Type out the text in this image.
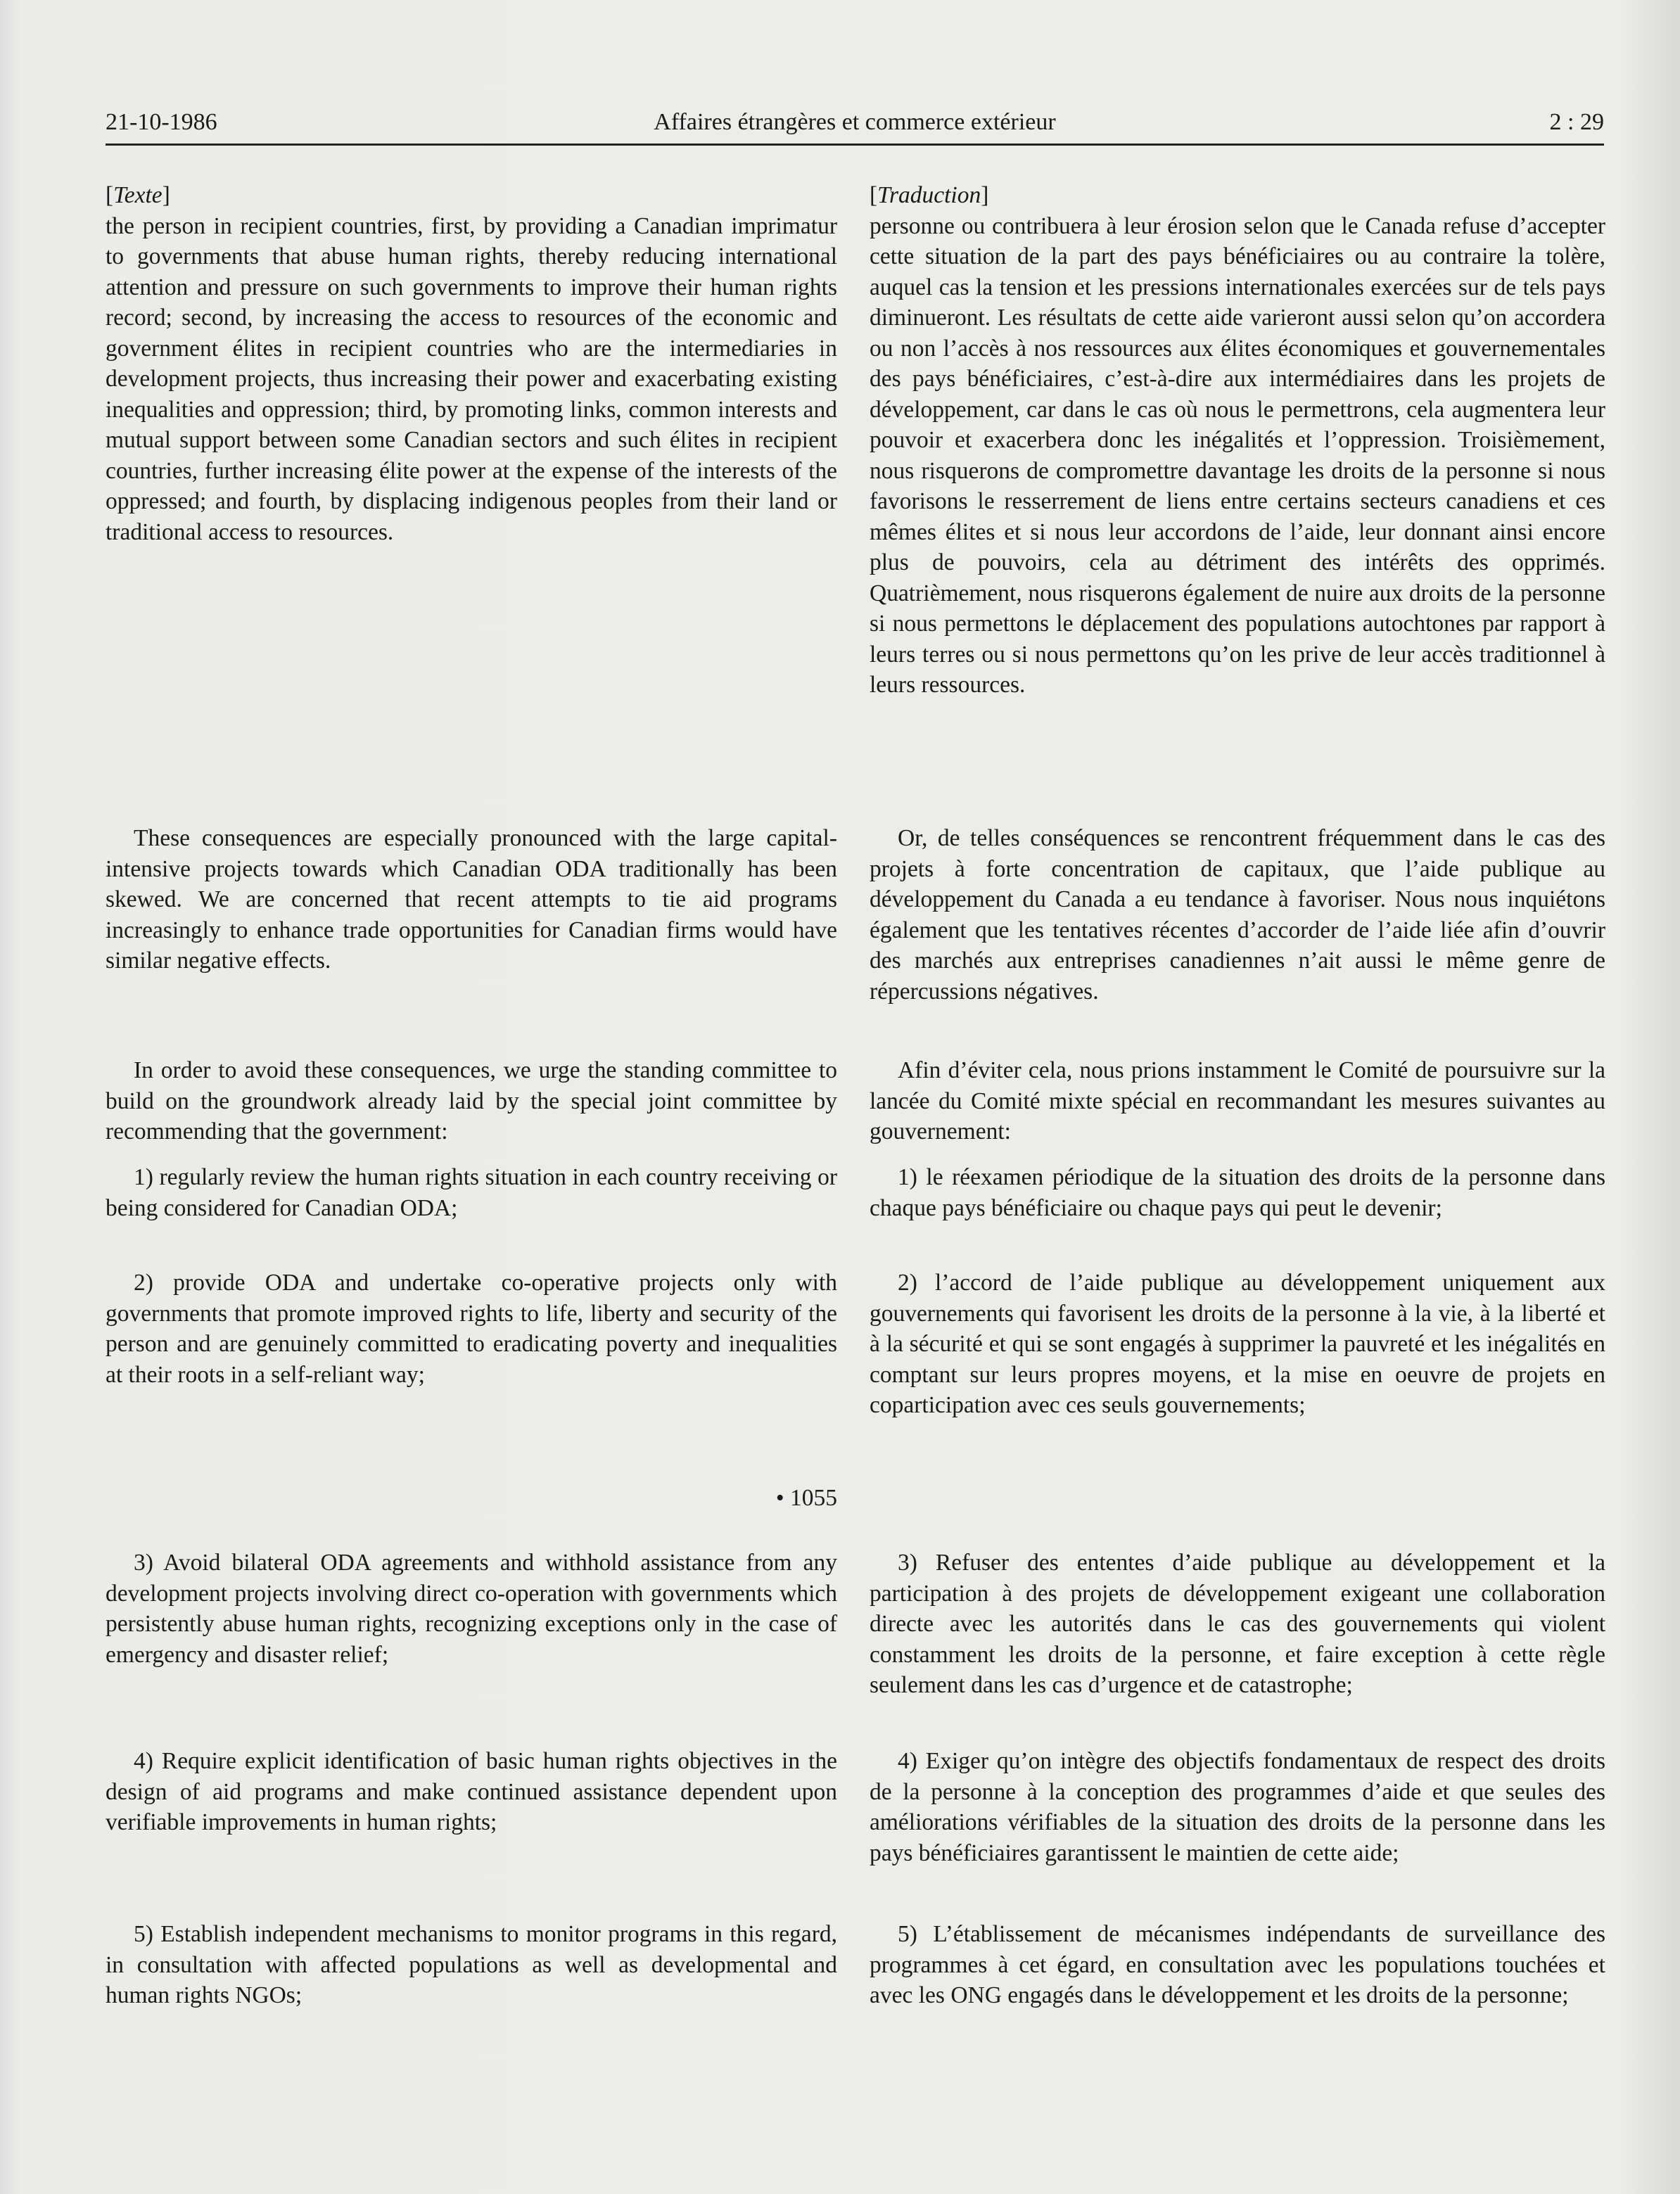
21-10-1986	Affaires étrangères et commerce extérieur	2 : 29

[Texte]

the person in recipient countries, first, by providing a Canadian imprimatur to governments that abuse human rights, thereby reducing international attention and pressure on such governments to improve their human rights record; second, by increasing the access to resources of the economic and government élites in recipient countries who are the intermediaries in development projects, thus increasing their power and exacerbating existing inequalities and oppression; third, by promoting links, common interests and mutual support between some Canadian sectors and such élites in recipient countries, further increasing élite power at the expense of the interests of the oppressed; and fourth, by displacing indigenous peoples from their land or traditional access to resources.

These consequences are especially pronounced with the large capital-intensive projects towards which Canadian ODA traditionally has been skewed. We are concerned that recent attempts to tie aid programs increasingly to enhance trade opportunities for Canadian firms would have similar negative effects.

In order to avoid these consequences, we urge the standing committee to build on the groundwork already laid by the special joint committee by recommending that the government:

1) regularly review the human rights situation in each country receiving or being considered for Canadian ODA;

2) provide ODA and undertake co-operative projects only with governments that promote improved rights to life, liberty and security of the person and are genuinely committed to eradicating poverty and inequalities at their roots in a self-reliant way;

• 1055

3) Avoid bilateral ODA agreements and withhold assistance from any development projects involving direct co-operation with governments which persistently abuse human rights, recognizing exceptions only in the case of emergency and disaster relief;

4) Require explicit identification of basic human rights objectives in the design of aid programs and make continued assistance dependent upon verifiable improvements in human rights;

5) Establish independent mechanisms to monitor programs in this regard, in consultation with affected populations as well as developmental and human rights NGOs;

[Traduction]

personne ou contribuera à leur érosion selon que le Canada refuse d’accepter cette situation de la part des pays bénéficiaires ou au contraire la tolère, auquel cas la tension et les pressions internationales exercées sur de tels pays diminueront. Les résultats de cette aide varieront aussi selon qu’on accordera ou non l’accès à nos ressources aux élites économiques et gouvernementales des pays bénéficiaires, c’est-à-dire aux intermédiaires dans les projets de développement, car dans le cas où nous le permettrons, cela augmentera leur pouvoir et exacerbera donc les inégalités et l’oppression. Troisièmement, nous risquerons de compromettre davantage les droits de la personne si nous favorisons le resserrement de liens entre certains secteurs canadiens et ces mêmes élites et si nous leur accordons de l’aide, leur donnant ainsi encore plus de pouvoirs, cela au détriment des intérêts des opprimés. Quatrièmement, nous risquerons également de nuire aux droits de la personne si nous permettons le déplacement des populations autochtones par rapport à leurs terres ou si nous permettons qu’on les prive de leur accès traditionnel à leurs ressources.

Or, de telles conséquences se rencontrent fréquemment dans le cas des projets à forte concentration de capitaux, que l’aide publique au développement du Canada a eu tendance à favoriser. Nous nous inquiétons également que les tentatives récentes d’accorder de l’aide liée afin d’ouvrir des marchés aux entreprises canadiennes n’ait aussi le même genre de répercussions négatives.

Afin d’éviter cela, nous prions instamment le Comité de poursuivre sur la lancée du Comité mixte spécial en recommandant les mesures suivantes au gouvernement:

1) le réexamen périodique de la situation des droits de la personne dans chaque pays bénéficiaire ou chaque pays qui peut le devenir;

2) l’accord de l’aide publique au développement uniquement aux gouvernements qui favorisent les droits de la personne à la vie, à la liberté et à la sécurité et qui se sont engagés à supprimer la pauvreté et les inégalités en comptant sur leurs propres moyens, et la mise en oeuvre de projets en coparticipation avec ces seuls gouvernements;

3) Refuser des ententes d’aide publique au développement et la participation à des projets de développement exigeant une collaboration directe avec les autorités dans le cas des gouvernements qui violent constamment les droits de la personne, et faire exception à cette règle seulement dans les cas d’urgence et de catastrophe;

4) Exiger qu’on intègre des objectifs fondamentaux de respect des droits de la personne à la conception des programmes d’aide et que seules des améliorations vérifiables de la situation des droits de la personne dans les pays bénéficiaires garantissent le maintien de cette aide;

5) L’établissement de mécanismes indépendants de surveillance des programmes à cet égard, en consultation avec les populations touchées et avec les ONG engagés dans le développement et les droits de la personne;
